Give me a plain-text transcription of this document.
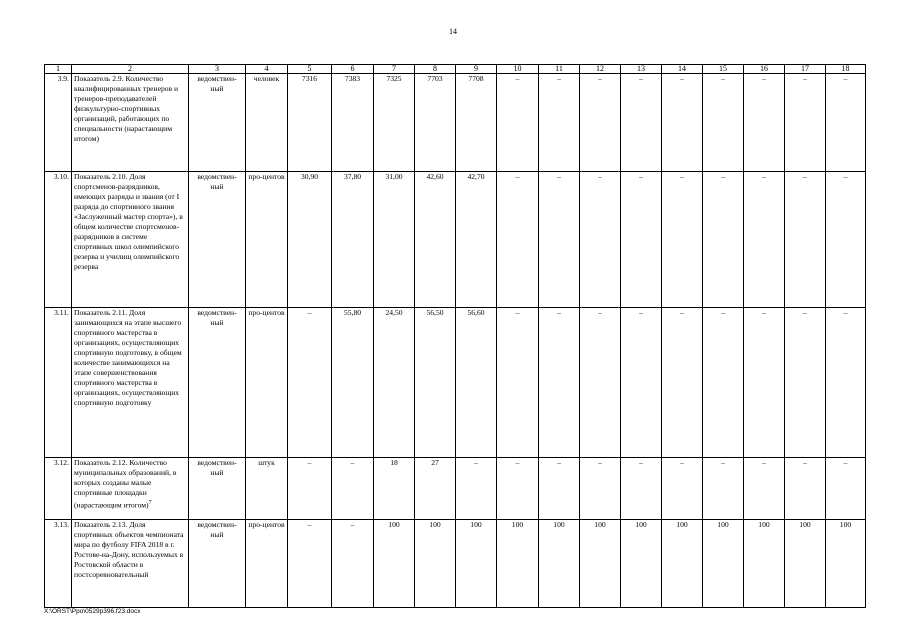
14
1	2	3	4	5	6	7	8	9	10	11	12	13	14	15	16	17	18
3.9.	Показатель 2.9. Количество квалифицированных тренеров и тренеров-преподавателей физкультурно-спортивных организаций, работающих по специальности (нарастающим итогом)	ведомствен-ный	человек	7316	7383	7325	7703	7708	–	–	–	–	–	–	–	–	–
3.10.	Показатель 2.10. Доля спортсменов-разрядников, имеющих разряды и звания (от I разряда до спортивного звания «Заслуженный мастер спорта»), в общем количестве спортсменов-разрядников в системе спортивных школ олимпийского резерва и училищ олимпийского резерва	ведомствен-ный	про-центов	30,90	37,80	31,00	42,60	42,70	–	–	–	–	–	–	–	–	–
3.11.	Показатель 2.11. Доля занимающихся на этапе высшего спортивного мастерства в организациях, осуществляющих спортивную подготовку, в общем количестве занимающихся на этапе совершенствования спортивного мастерства в организациях, осуществляющих спортивную подготовку	ведомствен-ный	про-центов	–	55,80	24,50	56,50	56,60	–	–	–	–	–	–	–	–	–
3.12.	Показатель 2.12. Количество муниципальных образований, в которых созданы малые спортивные площадки (нарастающим итогом)$^7$	ведомствен-ный	штук	–	–	18	27	–	–	–	–	–	–	–	–	–	–
3.13.	Показатель 2.13. Доля спортивных объектов чемпионата мира по футболу FIFA 2018 в г. Ростове-на-Дону, используемых в Ростовской области в постсоревновательный	ведомствен-ный	про-центов	–	–	100	100	100	100	100	100	100	100	100	100	100	100
X:\ORST\Ppo\0529p396.f23.docx
